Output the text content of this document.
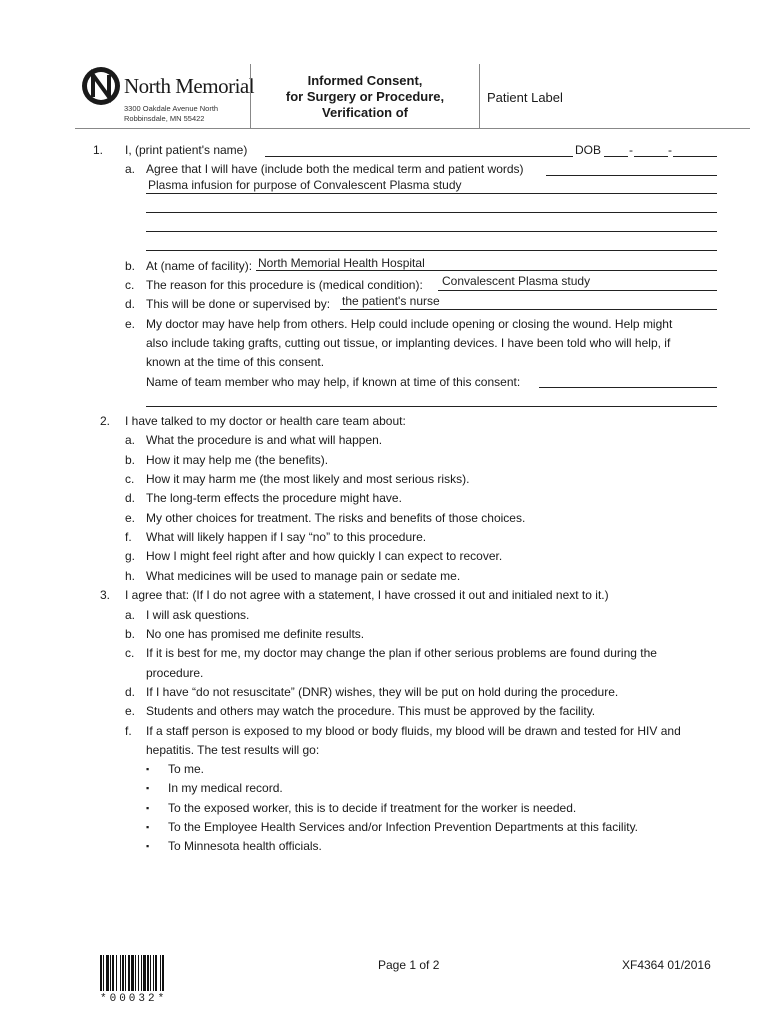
North Memorial
3300 Oakdale Avenue North
Robbinsdale, MN 55422
Informed Consent,
for Surgery or Procedure,
Verification of
Patient Label
1. I, (print patient's name)	DOB -	-
a. Agree that I will have (include both the medical term and patient words)
Plasma infusion for purpose of Convalescent Plasma study
b. At (name of facility): North Memorial Health Hospital
c. The reason for this procedure is (medical condition): Convalescent Plasma study
d. This will be done or supervised by: the patient's nurse
e. My doctor may have help from others. Help could include opening or closing the wound. Help might
also include taking grafts, cutting out tissue, or implanting devices. I have been told who will help, if
known at the time of this consent.
Name of team member who may help, if known at time of this consent:
2. I have talked to my doctor or health care team about:
a. What the procedure is and what will happen.
b. How it may help me (the benefits).
c. How it may harm me (the most likely and most serious risks).
d. The long-term effects the procedure might have.
e. My other choices for treatment. The risks and benefits of those choices.
f. What will likely happen if I say “no” to this procedure.
g. How I might feel right after and how quickly I can expect to recover.
h. What medicines will be used to manage pain or sedate me.
3. I agree that: (If I do not agree with a statement, I have crossed it out and initialed next to it.)
a. I will ask questions.
b. No one has promised me definite results.
c. If it is best for me, my doctor may change the plan if other serious problems are found during the
procedure.
d. If I have “do not resuscitate” (DNR) wishes, they will be put on hold during the procedure.
e. Students and others may watch the procedure. This must be approved by the facility.
f. If a staff person is exposed to my blood or body fluids, my blood will be drawn and tested for HIV and
hepatitis. The test results will go:
▪ To me.
▪ In my medical record.
▪ To the exposed worker, this is to decide if treatment for the worker is needed.
▪ To the Employee Health Services and/or Infection Prevention Departments at this facility.
▪ To Minnesota health officials.
*00032*
Page 1 of 2	XF4364 01/2016
